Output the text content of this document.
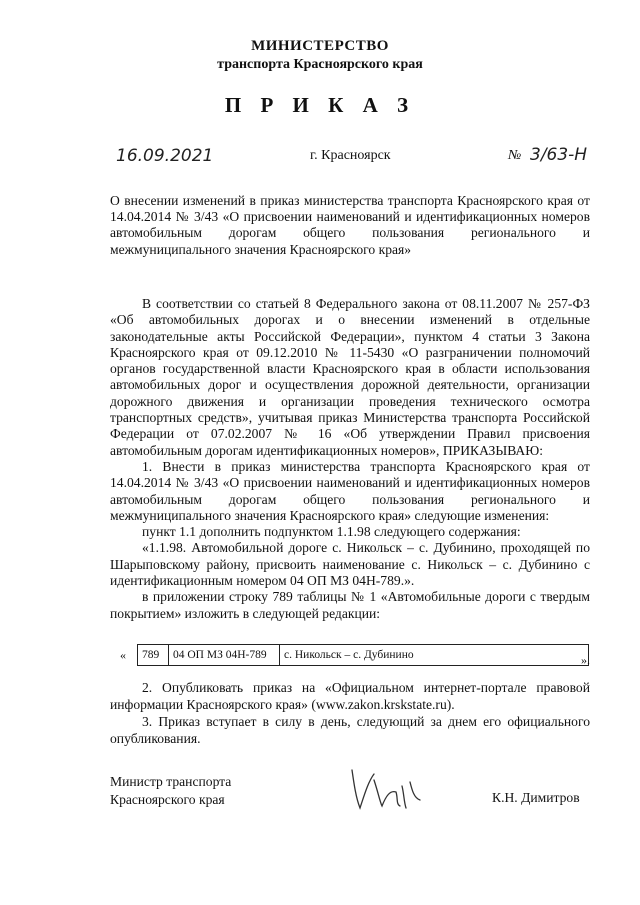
МИНИСТЕРСТВО
транспорта Красноярского края
П Р И К А З
16.09.2021	г. Красноярск	№ 3/63-Н
О внесении изменений в приказ министерства транспорта Красноярского края от 14.04.2014 № 3/43 «О присвоении наименований и идентификационных номеров автомобильным дорогам общего пользования регионального и межмуниципального значения Красноярского края»

В соответствии со статьей 8 Федерального закона от 08.11.2007 № 257-ФЗ «Об автомобильных дорогах и о внесении изменений в отдельные законодательные акты Российской Федерации», пунктом 4 статьи 3 Закона Красноярского края от 09.12.2010 № 11-5430 «О разграничении полномочий органов государственной власти Красноярского края в области использования автомобильных дорог и осуществления дорожной деятельности, организации дорожного движения и организации проведения технического осмотра транспортных средств», учитывая приказ Министерства транспорта Российской Федерации от 07.02.2007 № 16 «Об утверждении Правил присвоения автомобильным дорогам идентификационных номеров», ПРИКАЗЫВАЮ:

1. Внести в приказ министерства транспорта Красноярского края от 14.04.2014 № 3/43 «О присвоении наименований и идентификационных номеров автомобильным дорогам общего пользования регионального и межмуниципального значения Красноярского края» следующие изменения:

пункт 1.1 дополнить подпунктом 1.1.98 следующего содержания:

«1.1.98. Автомобильной дороге с. Никольск – с. Дубинино, проходящей по Шарыповскому району, присвоить наименование с. Никольск – с. Дубинино с идентификационным номером 04 ОП МЗ 04Н-789.».

в приложении строку 789 таблицы № 1 «Автомобильные дороги с твердым покрытием» изложить в следующей редакции:

« 789	04 ОП МЗ 04Н-789	с. Никольск – с. Дубинино	».

2. Опубликовать приказ на «Официальном интернет-портале правовой информации Красноярского края» (www.zakon.krskstate.ru).

3. Приказ вступает в силу в день, следующий за днем его официального опубликования.

Министр транспорта
Красноярского края	К.Н. Димитров
